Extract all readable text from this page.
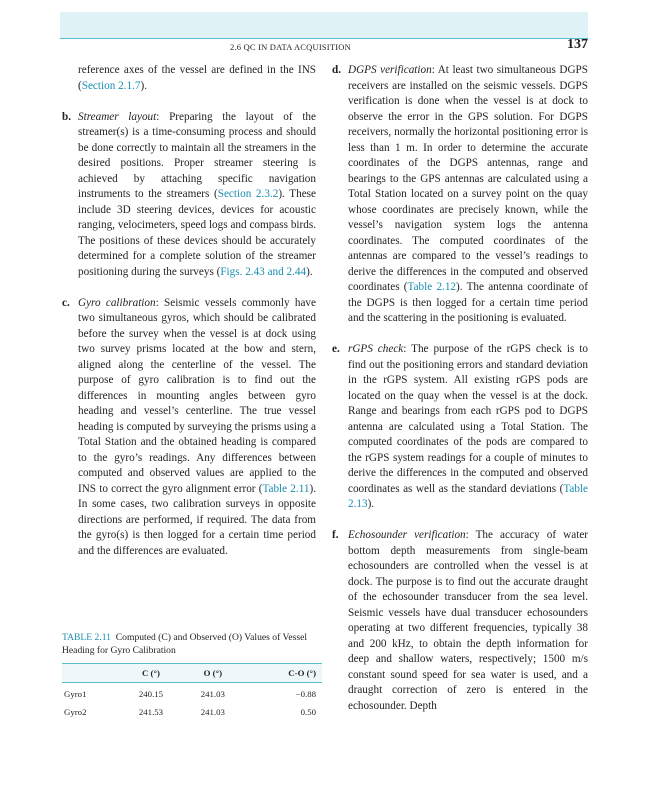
2.6 QC IN DATA ACQUISITION	137

reference axes of the vessel are defined in the INS (Section 2.1.7).

b. Streamer layout: Preparing the layout of the streamer(s) is a time-consuming process and should be done correctly to maintain all the streamers in the desired positions. Proper streamer steering is achieved by attaching specific navigation instruments to the streamers (Section 2.3.2). These include 3D steering devices, devices for acoustic ranging, velocimeters, speed logs and compass birds. The positions of these devices should be accurately determined for a complete solution of the streamer positioning during the surveys (Figs. 2.43 and 2.44).

c. Gyro calibration: Seismic vessels commonly have two simultaneous gyros, which should be calibrated before the survey when the vessel is at dock using two survey prisms located at the bow and stern, aligned along the centerline of the vessel. The purpose of gyro calibration is to find out the differences in mounting angles between gyro heading and vessel’s centerline. The true vessel heading is computed by surveying the prisms using a Total Station and the obtained heading is compared to the gyro’s readings. Any differences between computed and observed values are applied to the INS to correct the gyro alignment error (Table 2.11). In some cases, two calibration surveys in opposite directions are performed, if required. The data from the gyro(s) is then logged for a certain time period and the differences are evaluated.

TABLE 2.11 Computed (C) and Observed (O) Values of Vessel Heading for Gyro Calibration
	C (°)	O (°)	C-O (°)
Gyro1	240.15	241.03	−0.88
Gyro2	241.53	241.03	0.50

d. DGPS verification: At least two simultaneous DGPS receivers are installed on the seismic vessels. DGPS verification is done when the vessel is at dock to observe the error in the GPS solution. For DGPS receivers, normally the horizontal positioning error is less than 1 m. In order to determine the accurate coordinates of the DGPS antennas, range and bearings to the GPS antennas are calculated using a Total Station located on a survey point on the quay whose coordinates are precisely known, while the vessel’s navigation system logs the antenna coordinates. The computed coordinates of the antennas are compared to the vessel’s readings to derive the differences in the computed and observed coordinates (Table 2.12). The antenna coordinate of the DGPS is then logged for a certain time period and the scattering in the positioning is evaluated.

e. rGPS check: The purpose of the rGPS check is to find out the positioning errors and standard deviation in the rGPS system. All existing rGPS pods are located on the quay when the vessel is at the dock. Range and bearings from each rGPS pod to DGPS antenna are calculated using a Total Station. The computed coordinates of the pods are compared to the rGPS system readings for a couple of minutes to derive the differences in the computed and observed coordinates as well as the standard deviations (Table 2.13).

f. Echosounder verification: The accuracy of water bottom depth measurements from single-beam echosounders are controlled when the vessel is at dock. The purpose is to find out the accurate draught of the echosounder transducer from the sea level. Seismic vessels have dual transducer echosounders operating at two different frequencies, typically 38 and 200 kHz, to obtain the depth information for deep and shallow waters, respectively; 1500 m/s constant sound speed for sea water is used, and a draught correction of zero is entered in the echosounder. Depth
